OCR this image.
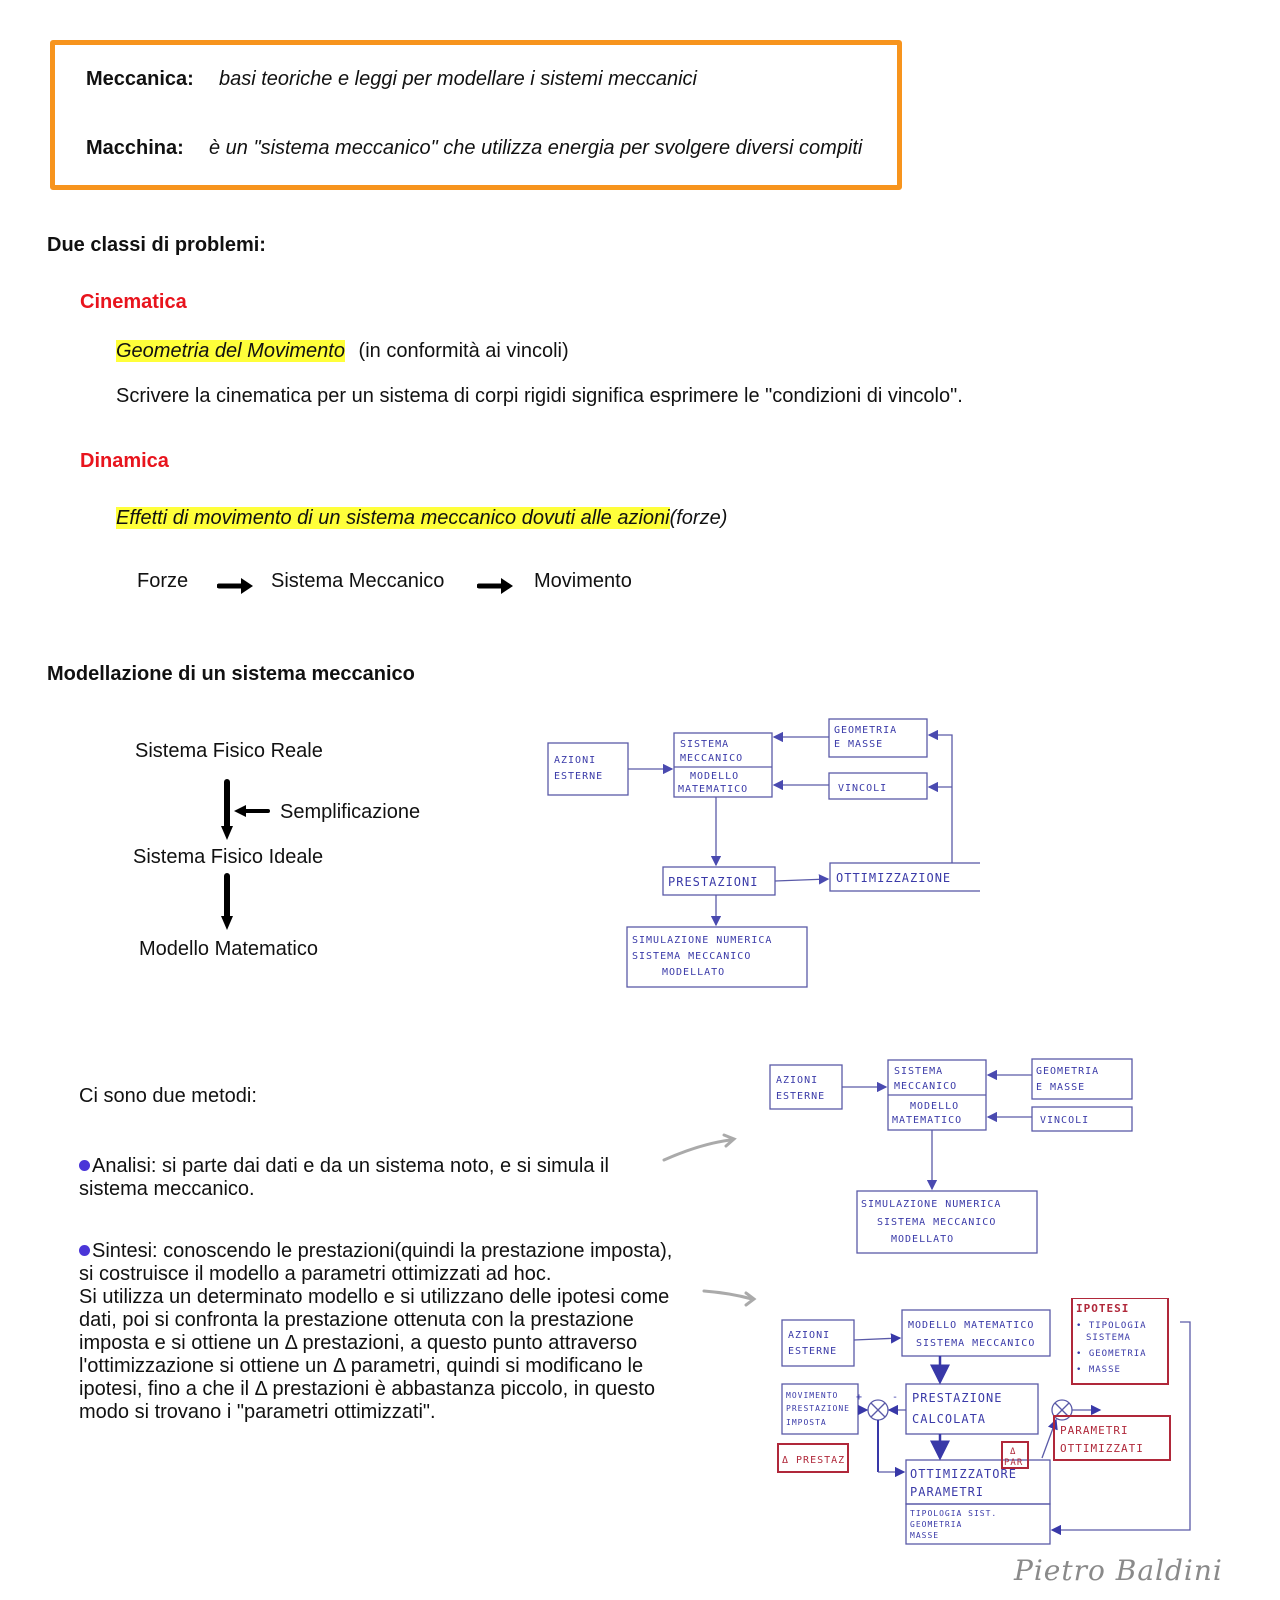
Meccanica: basi teoriche e leggi per modellare i sistemi meccanici
Macchina: è un "sistema meccanico" che utilizza energia per svolgere diversi compiti
Due classi di problemi:
Cinematica
Geometria del Movimento (in conformità ai vincoli)
Scrivere la cinematica per un sistema di corpi rigidi significa esprimere le "condizioni di vincolo".
Dinamica
Effetti di movimento di un sistema meccanico dovuti alle azioni(forze)
Forze	Sistema Meccanico	Movimento
Modellazione di un sistema meccanico
Sistema Fisico Reale
Semplificazione
Sistema Fisico Ideale
Modello Matematico
AZIONI
ESTERNE
SISTEMA
MECCANICO
MODELLO
MATEMATICO
GEOMETRIA
E MASSE
VINCOLI
PRESTAZIONI	OTTIMIZZAZIONE
SIMULAZIONE NUMERICA
SISTEMA MECCANICO
MODELLATO
Ci sono due metodi:
Analisi: si parte dai dati e da un sistema noto, e si simula il
sistema meccanico.
Sintesi: conoscendo le prestazioni(quindi la prestazione imposta),
si costruisce il modello a parametri ottimizzati ad hoc.
Si utilizza un determinato modello e si utilizzano delle ipotesi come
dati, poi si confronta la prestazione ottenuta con la prestazione
imposta e si ottiene un Δ prestazioni, a questo punto attraverso
l'ottimizzazione si ottiene un Δ parametri, quindi si modificano le
ipotesi, fino a che il Δ prestazioni è abbastanza piccolo, in questo
modo si trovano i "parametri ottimizzati".
AZIONI
ESTERNE
SISTEMA
MECCANICO
MODELLO
MATEMATICO
GEOMETRIA
E MASSE
VINCOLI
SIMULAZIONE NUMERICA
SISTEMA MECCANICO
MODELLATO
AZIONI
ESTERNE
MODELLO MATEMATICO
SISTEMA MECCANICO
MOVIMENTO
PRESTAZIONE
IMPOSTA
+	- PRESTAZIONE
CALCOLATA
OTTIMIZZATORE
PARAMETRI
TIPOLOGIA SIST.
GEOMETRIA
MASSE
IPOTESI
• TIPOLOGIA
SISTEMA
• GEOMETRIA
• MASSE
PARAMETRI
OTTIMIZZATI
Δ PRESTAZ.
Δ
PAR
Pietro Baldini
